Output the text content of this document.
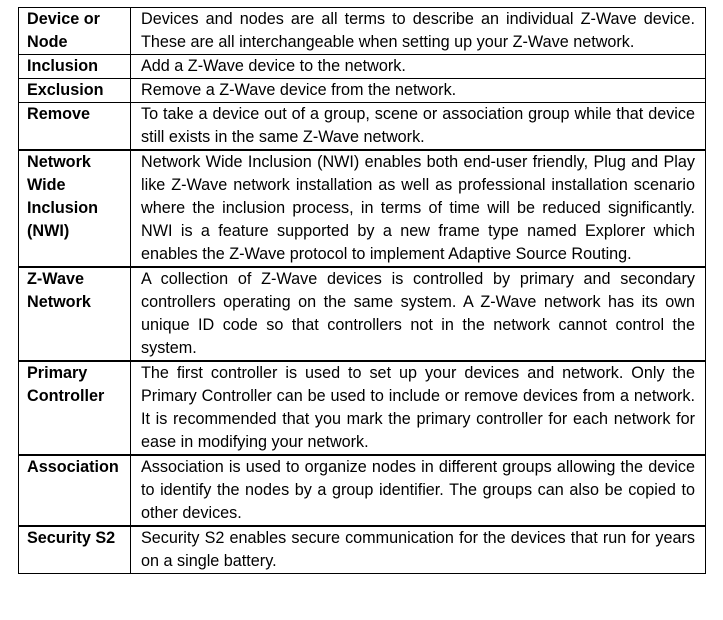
Device or Node	Devices and nodes are all terms to describe an individual Z-Wave device. These are all interchangeable when setting up your Z-Wave network.
Inclusion	Add a Z-Wave device to the network.
Exclusion	Remove a Z-Wave device from the network.
Remove	To take a device out of a group, scene or association group while that device still exists in the same Z-Wave network.
Network Wide Inclusion (NWI)	Network Wide Inclusion (NWI) enables both end-user friendly, Plug and Play like Z-Wave network installation as well as professional installation scenario where the inclusion process, in terms of time will be reduced significantly. NWI is a feature supported by a new frame type named Explorer which enables the Z-Wave protocol to implement Adaptive Source Routing.
Z-Wave Network	A collection of Z-Wave devices is controlled by primary and secondary controllers operating on the same system. A Z-Wave network has its own unique ID code so that controllers not in the network cannot control the system.
Primary Controller	The first controller is used to set up your devices and network. Only the Primary Controller can be used to include or remove devices from a network. It is recommended that you mark the primary controller for each network for ease in modifying your network.
Association	Association is used to organize nodes in different groups allowing the device to identify the nodes by a group identifier. The groups can also be copied to other devices.
Security S2	Security S2 enables secure communication for the devices that run for years on a single battery.
